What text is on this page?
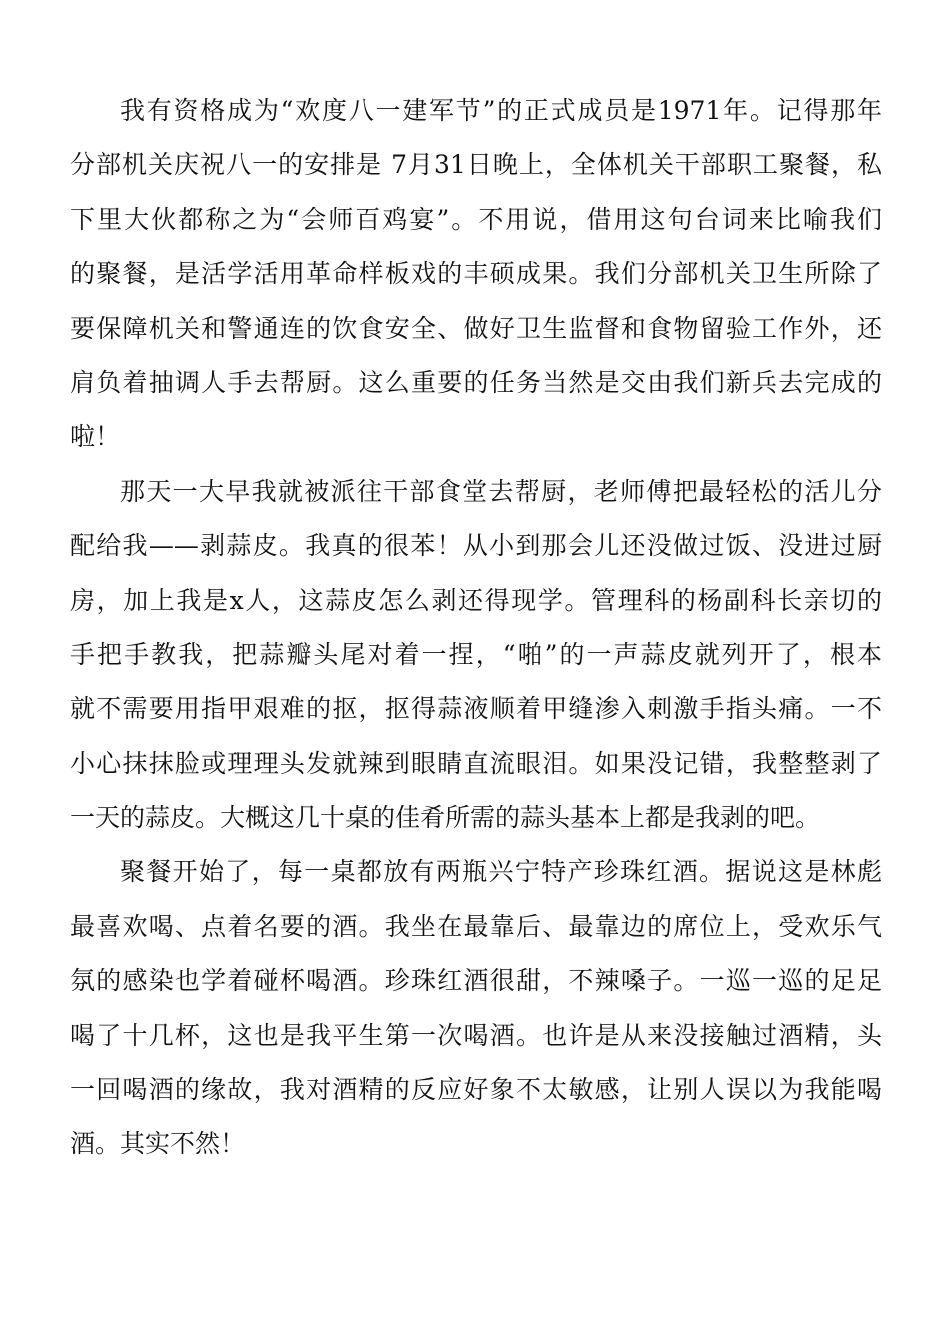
我有资格成为“欢度八一建军节”的正式成员是1971年。记得那年
分部机关庆祝八一的安排是 7月31日晚上，全体机关干部职工聚餐，私
下里大伙都称之为“会师百鸡宴”。不用说，借用这句台词来比喻我们
的聚餐，是活学活用革命样板戏的丰硕成果。我们分部机关卫生所除了
要保障机关和警通连的饮食安全、做好卫生监督和食物留验工作外，还
肩负着抽调人手去帮厨。这么重要的任务当然是交由我们新兵去完成的
啦！
那天一大早我就被派往干部食堂去帮厨，老师傅把最轻松的活儿分
配给我——剥蒜皮。我真的很苯！从小到那会儿还没做过饭、没进过厨
房，加上我是x人，这蒜皮怎么剥还得现学。管理科的杨副科长亲切的
手把手教我，把蒜瓣头尾对着一捏，“啪”的一声蒜皮就列开了，根本
就不需要用指甲艰难的抠，抠得蒜液顺着甲缝渗入刺激手指头痛。一不
小心抹抹脸或理理头发就辣到眼睛直流眼泪。如果没记错，我整整剥了
一天的蒜皮。大概这几十桌的佳肴所需的蒜头基本上都是我剥的吧。
聚餐开始了，每一桌都放有两瓶兴宁特产珍珠红酒。据说这是林彪
最喜欢喝、点着名要的酒。我坐在最靠后、最靠边的席位上，受欢乐气
氛的感染也学着碰杯喝酒。珍珠红酒很甜，不辣嗓子。一巡一巡的足足
喝了十几杯，这也是我平生第一次喝酒。也许是从来没接触过酒精，头
一回喝酒的缘故，我对酒精的反应好象不太敏感，让别人误以为我能喝
酒。其实不然！
